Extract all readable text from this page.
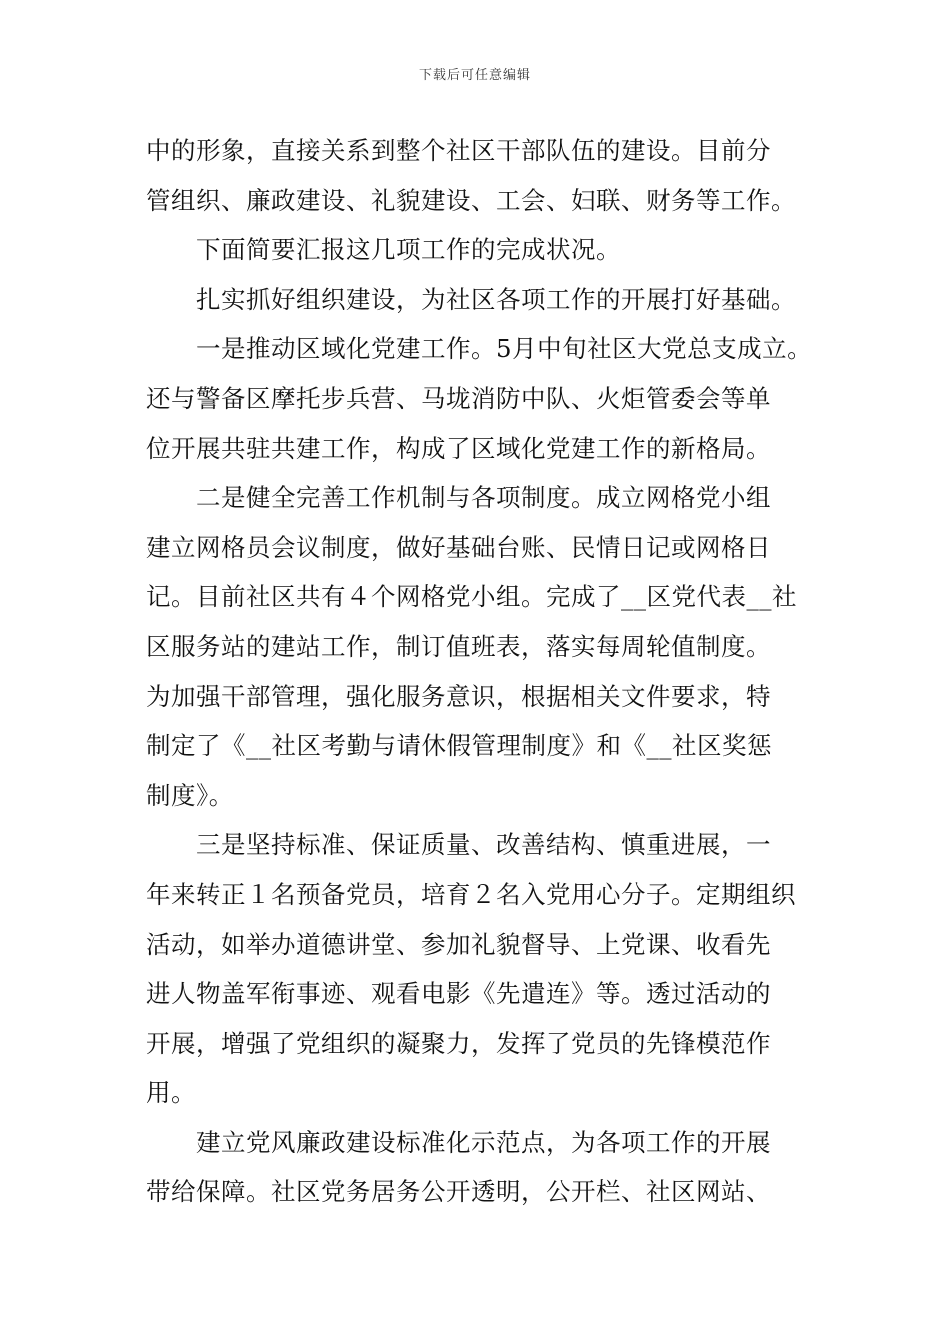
下载后可任意编辑
中的形象，直接关系到整个社区干部队伍的建设。目前分
管组织、廉政建设、礼貌建设、工会、妇联、财务等工作。
下面简要汇报这几项工作的完成状况。
扎实抓好组织建设，为社区各项工作的开展打好基础。
一是推动区域化党建工作。5月中旬社区大党总支成立。
还与警备区摩托步兵营、马垅消防中队、火炬管委会等单
位开展共驻共建工作，构成了区域化党建工作的新格局。
二是健全完善工作机制与各项制度。成立网格党小组
建立网格员会议制度，做好基础台账、民情日记或网格日
记。目前社区共有４个网格党小组。完成了__区党代表__社
区服务站的建站工作，制订值班表，落实每周轮值制度。
为加强干部管理，强化服务意识，根据相关文件要求，特
制定了《__社区考勤与请休假管理制度》和《__社区奖惩
制度》。
三是坚持标准、保证质量、改善结构、慎重进展，一
年来转正１名预备党员，培育２名入党用心分子。定期组织
活动，如举办道德讲堂、参加礼貌督导、上党课、收看先
进人物盖军衔事迹、观看电影《先遣连》等。透过活动的
开展，增强了党组织的凝聚力，发挥了党员的先锋模范作
用。
建立党风廉政建设标准化示范点，为各项工作的开展
带给保障。社区党务居务公开透明，公开栏、社区网站、
